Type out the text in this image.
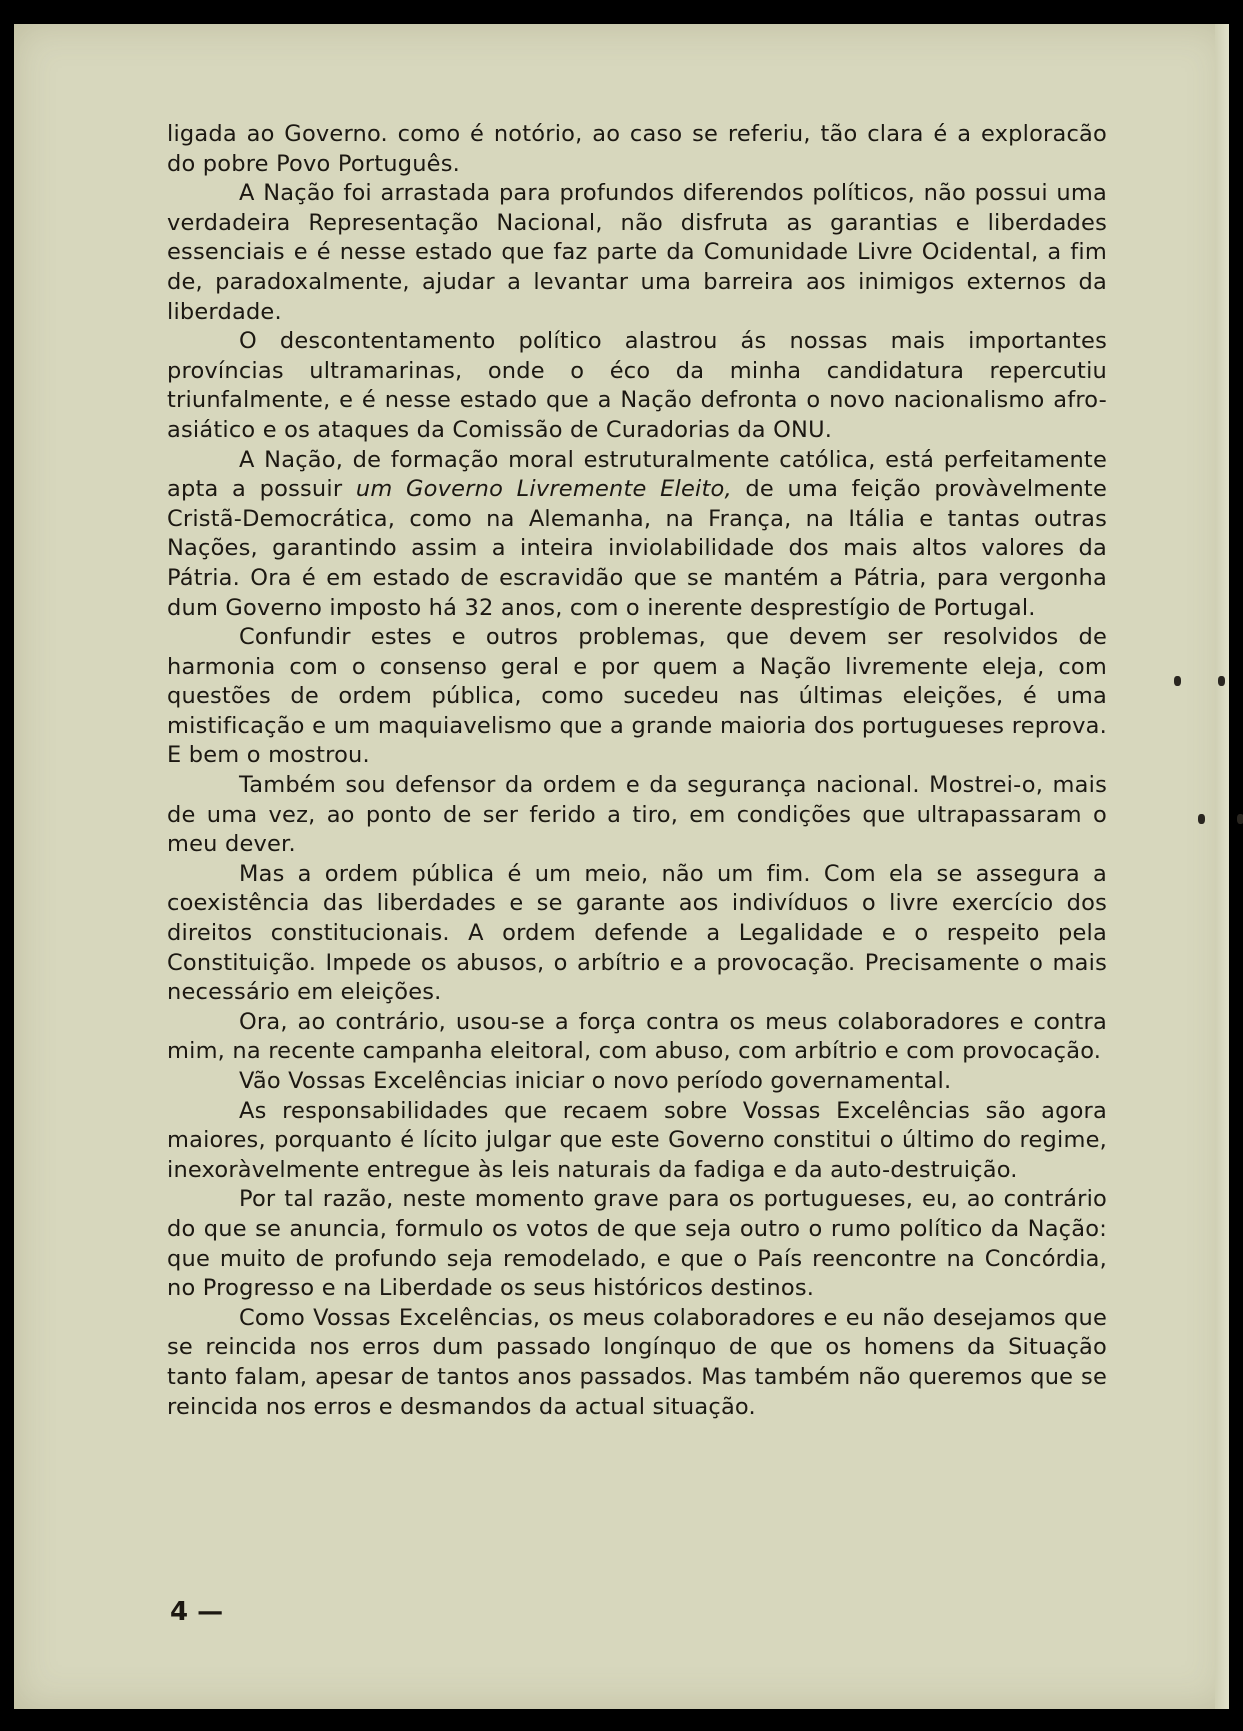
ligada ao Governo. como é notório, ao caso se referiu, tão clara é a exploracão do pobre Povo Português.

A Nação foi arrastada para profundos diferendos políticos, não possui uma verdadeira Representação Nacional, não disfruta as garantias e liberdades essenciais e é nesse estado que faz parte da Comunidade Livre Ocidental, a fim de, paradoxalmente, ajudar a levantar uma barreira aos inimigos externos da liberdade.

O descontentamento político alastrou ás nossas mais importantes províncias ultramarinas, onde o éco da minha candidatura repercutiu triunfalmente, e é nesse estado que a Nação defronta o novo nacionalismo afro-asiático e os ataques da Comissão de Curadorias da ONU.

A Nação, de formação moral estruturalmente católica, está perfeitamente apta a possuir um Governo Livremente Eleito, de uma feição provàvelmente Cristã-Democrática, como na Alemanha, na França, na Itália e tantas outras Nações, garantindo assim a inteira inviolabilidade dos mais altos valores da Pátria. Ora é em estado de escravidão que se mantém a Pátria, para vergonha dum Governo imposto há 32 anos, com o inerente desprestígio de Portugal.

Confundir estes e outros problemas, que devem ser resolvidos de harmonia com o consenso geral e por quem a Nação livremente eleja, com questões de ordem pública, como sucedeu nas últimas eleições, é uma mistificação e um maquiavelismo que a grande maioria dos portugueses reprova. E bem o mostrou.

Também sou defensor da ordem e da segurança nacional. Mostrei-o, mais de uma vez, ao ponto de ser ferido a tiro, em condições que ultrapassaram o meu dever.

Mas a ordem pública é um meio, não um fim. Com ela se assegura a coexistência das liberdades e se garante aos indivíduos o livre exercício dos direitos constitucionais. A ordem defende a Legalidade e o respeito pela Constituição. Impede os abusos, o arbítrio e a provocação. Precisamente o mais necessário em eleições.

Ora, ao contrário, usou-se a força contra os meus colaboradores e contra mim, na recente campanha eleitoral, com abuso, com arbítrio e com provocação.

Vão Vossas Excelências iniciar o novo período governamental.

As responsabilidades que recaem sobre Vossas Excelências são agora maiores, porquanto é lícito julgar que este Governo constitui o último do regime, inexoràvelmente entregue às leis naturais da fadiga e da auto-destruição.

Por tal razão, neste momento grave para os portugueses, eu, ao contrário do que se anuncia, formulo os votos de que seja outro o rumo político da Nação: que muito de profundo seja remodelado, e que o País reencontre na Concórdia, no Progresso e na Liberdade os seus históricos destinos.

Como Vossas Excelências, os meus colaboradores e eu não desejamos que se reincida nos erros dum passado longínquo de que os homens da Situação tanto falam, apesar de tantos anos passados. Mas também não queremos que se reincida nos erros e desmandos da actual situação.

4 —
